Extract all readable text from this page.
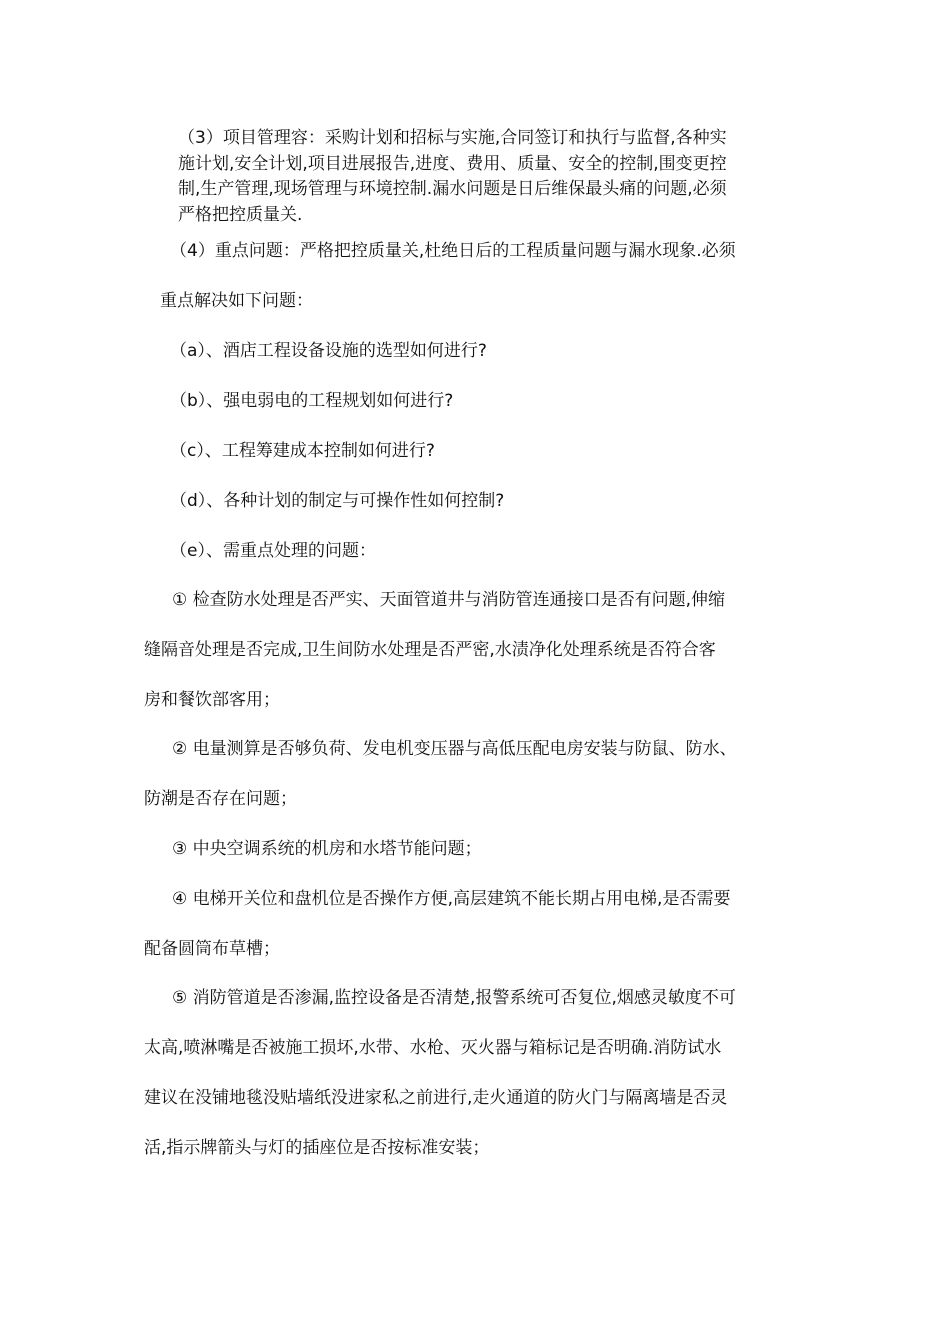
（3）项目管理容：采购计划和招标与实施,合同签订和执行与监督,各种实
施计划,安全计划,项目进展报告,进度、费用、质量、安全的控制,围变更控
制,生产管理,现场管理与环境控制.漏水问题是日后维保最头痛的问题,必须
严格把控质量关.
（4）重点问题：严格把控质量关,杜绝日后的工程质量问题与漏水现象.必须
重点解决如下问题：
（a）、酒店工程设备设施的选型如何进行?
（b）、强电弱电的工程规划如何进行?
（c）、工程筹建成本控制如何进行?
（d）、各种计划的制定与可操作性如何控制?
（e）、需重点处理的问题：
① 检查防水处理是否严实、天面管道井与消防管连通接口是否有问题,伸缩
缝隔音处理是否完成,卫生间防水处理是否严密,水渍净化处理系统是否符合客
房和餐饮部客用；
② 电量测算是否够负荷、发电机变压器与高低压配电房安装与防鼠、防水、
防潮是否存在问题；
③ 中央空调系统的机房和水塔节能问题；
④ 电梯开关位和盘机位是否操作方便,高层建筑不能长期占用电梯,是否需要
配备圆筒布草槽；
⑤ 消防管道是否渗漏,监控设备是否清楚,报警系统可否复位,烟感灵敏度不可
太高,喷淋嘴是否被施工损坏,水带、水枪、灭火器与箱标记是否明确.消防试水
建议在没铺地毯没贴墙纸没进家私之前进行,走火通道的防火门与隔离墙是否灵
活,指示牌箭头与灯的插座位是否按标准安装；
